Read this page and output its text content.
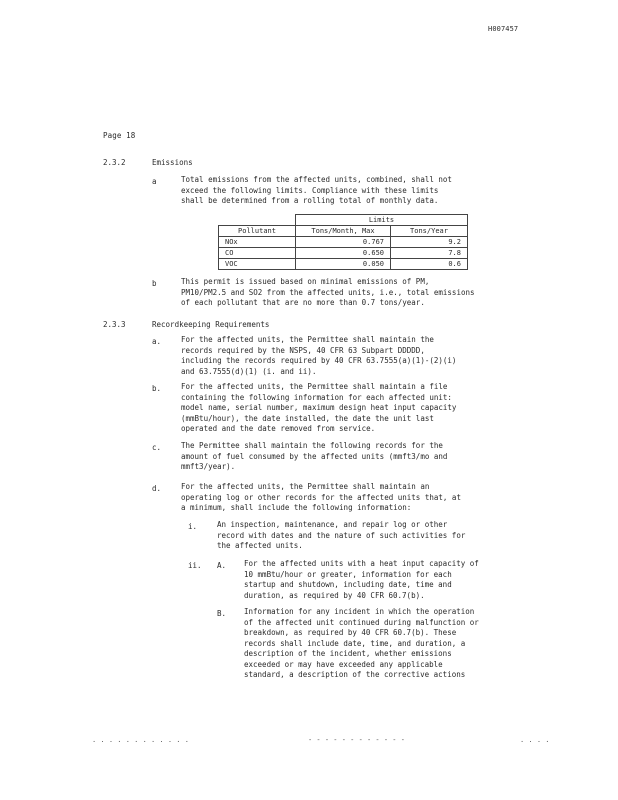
H007457
Page 18
2.3.2	Emissions
a	Total emissions from the affected units, combined, shall not
exceed the following limits. Compliance with these limits
shall be determined from a rolling total of monthly data.
	Limits	
Pollutant	Tons/Month, Max	Tons/Year
NOx	0.767	9.2
CO	0.650	7.8
VOC	0.050	0.6
b	This permit is issued based on minimal emissions of PM,
PM10/PM2.5 and SO2 from the affected units, i.e., total emissions
of each pollutant that are no more than 0.7 tons/year.
2.3.3	Recordkeeping Requirements
a.	For the affected units, the Permittee shall maintain the
records required by the NSPS, 40 CFR 63 Subpart DDDDD,
including the records required by 40 CFR 63.7555(a)(1)-(2)(i)
and 63.7555(d)(1) (i. and ii).
b.	For the affected units, the Permittee shall maintain a file
containing the following information for each affected unit:
model name, serial number, maximum design heat input capacity
(mmBtu/hour), the date installed, the date the unit last
operated and the date removed from service.
c.	The Permittee shall maintain the following records for the
amount of fuel consumed by the affected units (mmft3/mo and
mmft3/year).
d.	For the affected units, the Permittee shall maintain an
operating log or other records for the affected units that, at
a minimum, shall include the following information:
i.	An inspection, maintenance, and repair log or other
record with dates and the nature of such activities for
the affected units.
ii. A. For the affected units with a heat input capacity of
10 mmBtu/hour or greater, information for each
startup and shutdown, including date, time and
duration, as required by 40 CFR 60.7(b).
B. Information for any incident in which the operation
of the affected unit continued during malfunction or
breakdown, as required by 40 CFR 60.7(b). These
records shall include date, time, and duration, a
description of the incident, whether emissions
exceeded or may have exceeded any applicable
standard, a description of the corrective actions
. . . . . . . . . . . .	- - - - - - - - - - - -	. . . .
